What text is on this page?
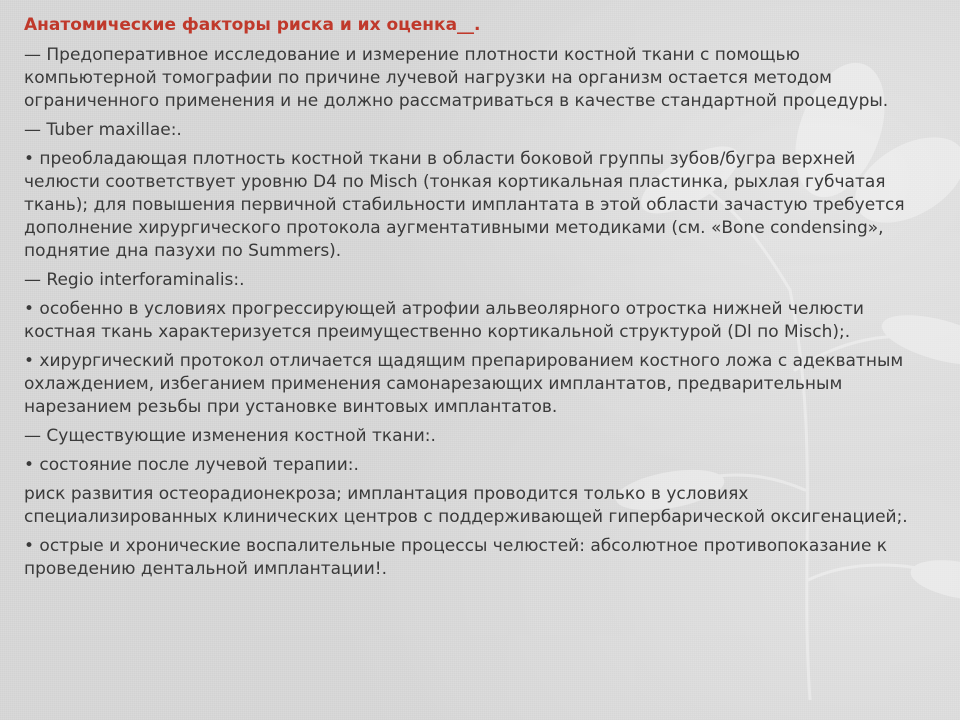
Анатомические факторы риска и их оценка__.
— Предоперативное исследование и измерение плотности костной ткани с помощью компьютерной томографии по причине лучевой нагрузки на организм остается методом ограниченного применения и не должно рассматриваться в качестве стандартной процедуры.
— Tuber maxillae:.
• преобладающая плотность костной ткани в области боковой группы зубов/бугра верхней челюсти соответствует уровню D4 по Misch (тонкая кортикальная пластинка, рыхлая губчатая ткань); для повышения первичной стабильности имплантата в этой области зачастую требуется дополнение хирургического протокола аугментативными методиками (см. «Bone condensing», поднятие дна пазухи по Summers).
— Regio interforaminalis:.
• особенно в условиях прогрессирующей атрофии альвеолярного отростка нижней челюсти костная ткань характеризуется преимущественно кортикальной структурой (Dl по Misch);.
• хирургический протокол отличается щадящим препарированием костного ложа с адекватным охлаждением, избеганием применения самонарезающих имплантатов, предварительным нарезанием резьбы при установке винтовых имплантатов.
— Существующие изменения костной ткани:.
• состояние после лучевой терапии:.
риск развития остеорадионекроза; имплантация проводится только в условиях специализированных клинических центров с поддерживающей гипербарической оксигенацией;.
• острые и хронические воспалительные процессы челюстей: абсолютное противопоказание к проведению дентальной имплантации!.
